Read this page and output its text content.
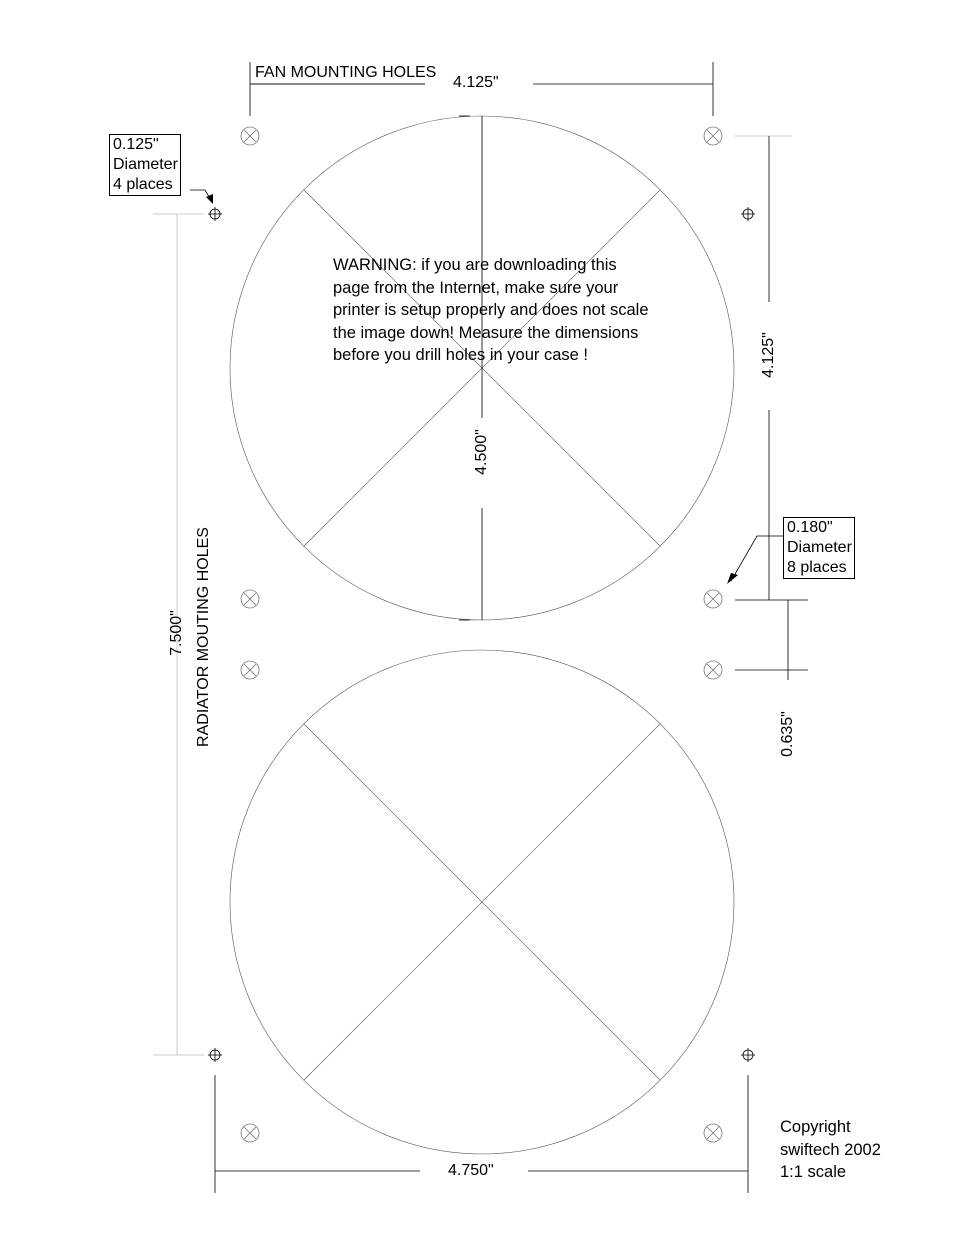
FAN MOUNTING HOLES
4.125"
0.125"
Diameter
4 places
0.180"
Diameter
8 places
WARNING: if you are downloading this
page from the Internet, make sure your
printer is setup properly and does not scale
the image down! Measure the dimensions
before you drill holes in your case !	4.125"
4.500"
7.500" RADIATOR MOUTING HOLES	0.635"
4.750"
Copyright
swiftech 2002
1:1 scale
